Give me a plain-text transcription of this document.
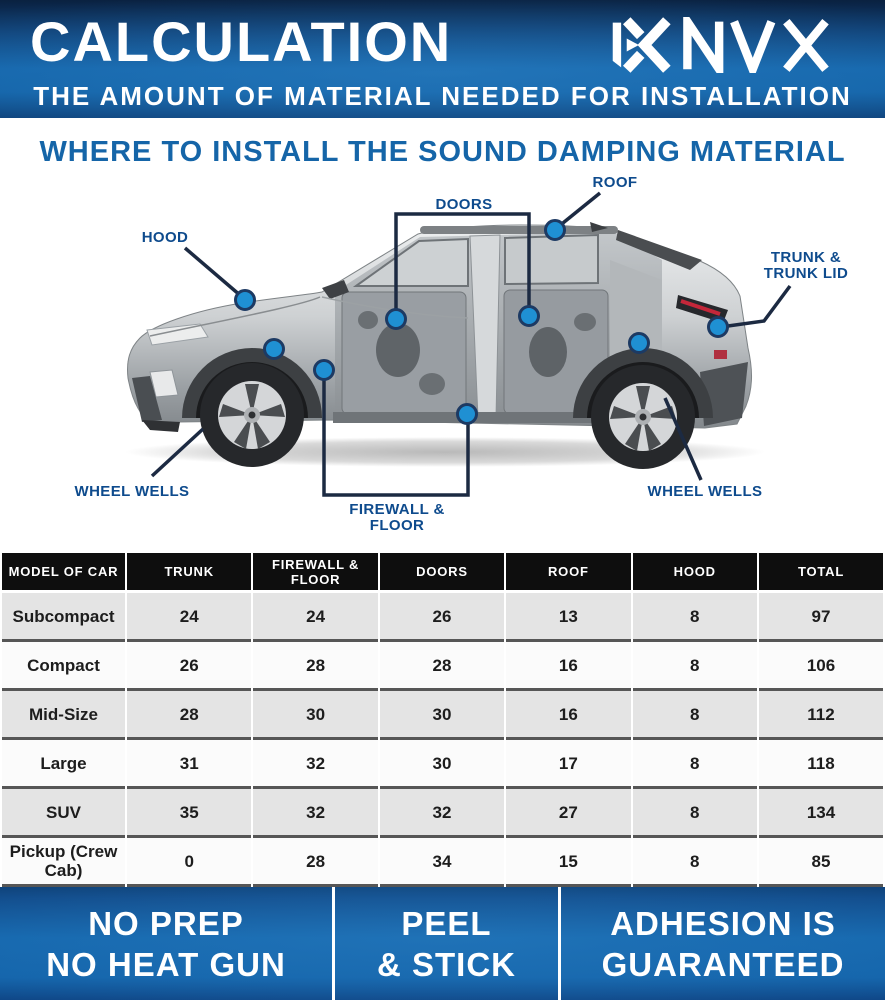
CALCULATION
THE AMOUNT OF MATERIAL NEEDED FOR INSTALLATION
WHERE TO INSTALL THE SOUND DAMPING MATERIAL
HOOD
DOORS
ROOF
TRUNK &
TRUNK LID
WHEEL WELLS	WHEEL WELLS
FIREWALL &
FLOOR
MODEL OF CAR	TRUNK	FIREWALL & FLOOR	DOORS	ROOF	HOOD	TOTAL
Subcompact	24	24	26	13	8	97
Compact	26	28	28	16	8	106
Mid-Size	28	30	30	16	8	112
Large	31	32	30	17	8	118
SUV	35	32	32	27	8	134
Pickup (Crew Cab)	0	28	34	15	8	85
NO PREP
NO HEAT GUN
PEEL
& STICK
ADHESION IS
GUARANTEED
